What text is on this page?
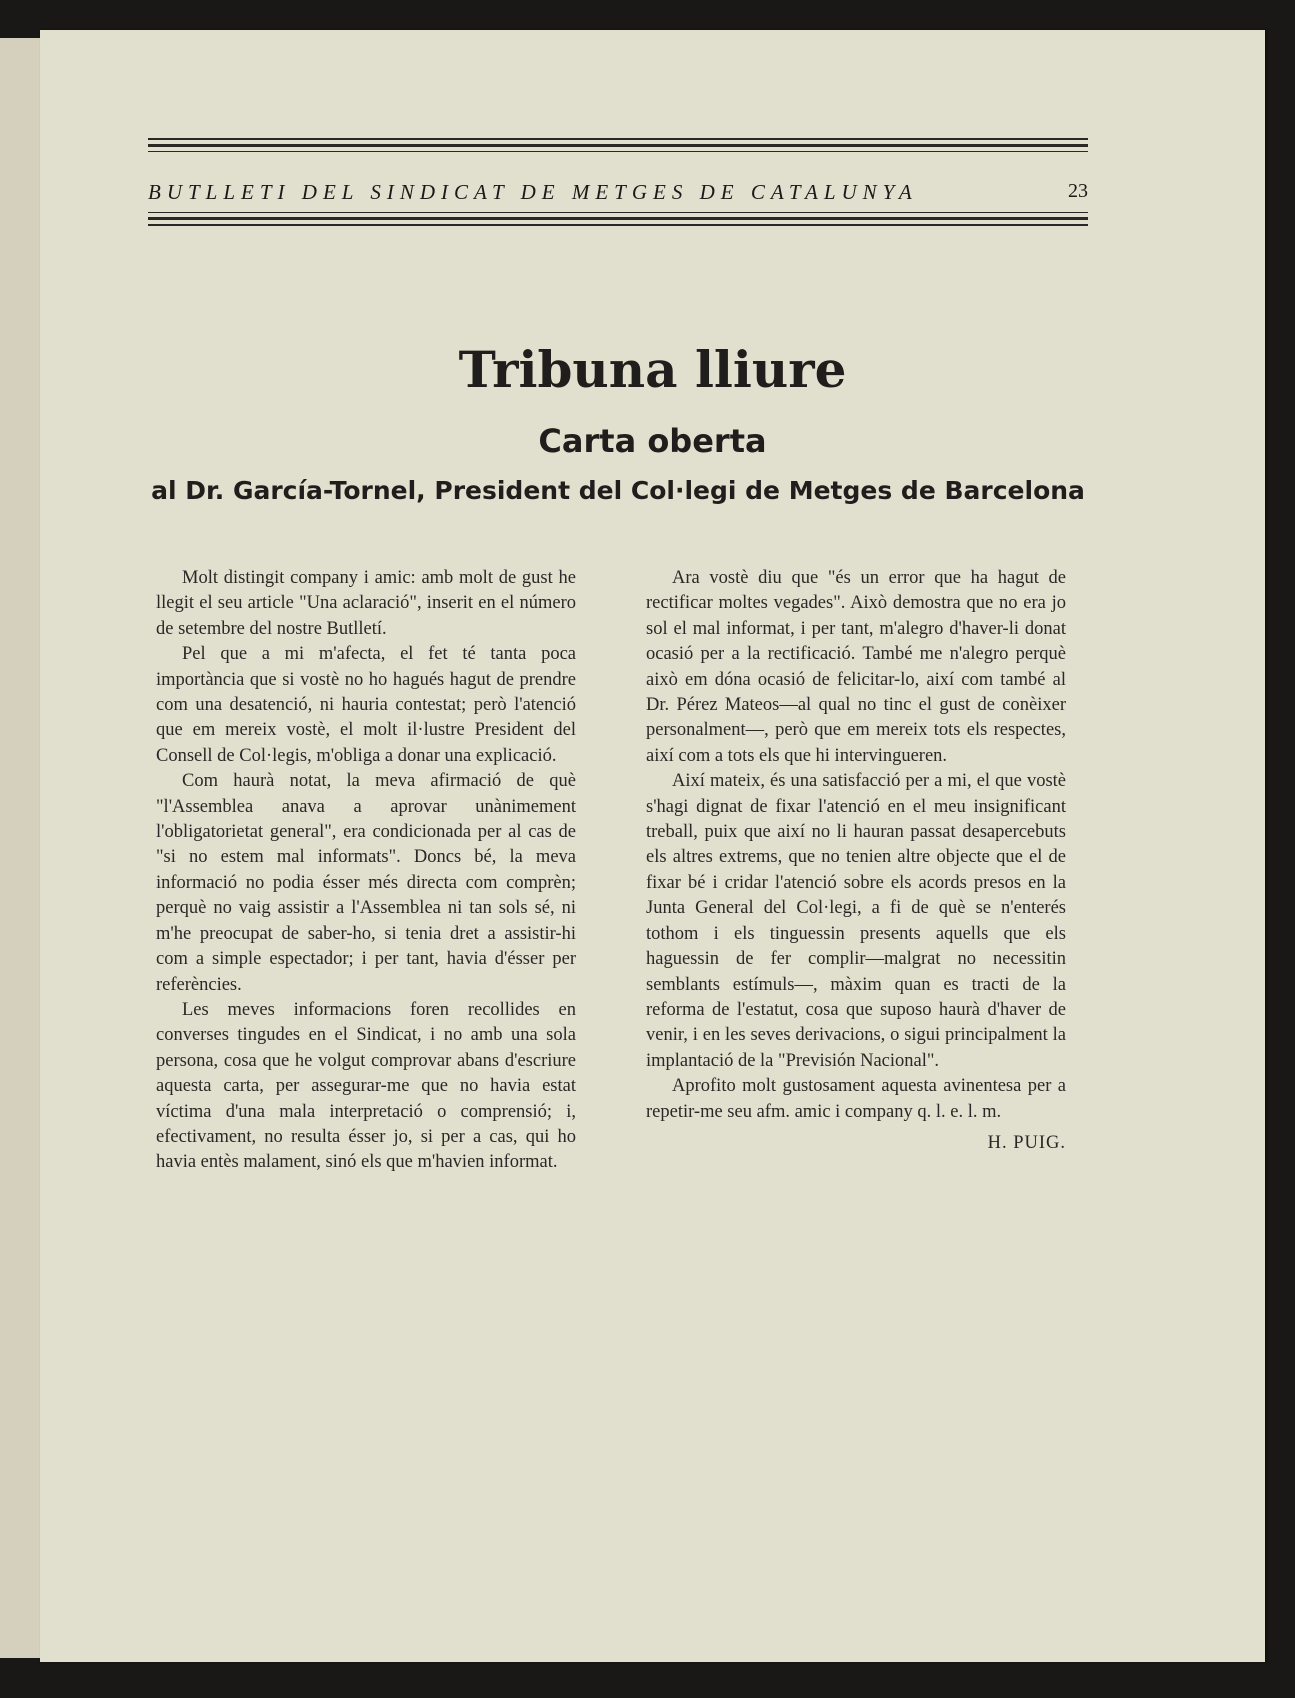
BUTLLETI DEL SINDICAT DE METGES DE CATALUNYA	23
Tribuna lliure
Carta oberta
al Dr. García-Tornel, President del Col·legi de Metges de Barcelona

Molt distingit company i amic: amb molt de gust he llegit el seu article "Una aclaració", inserit en el número de setembre del nostre Butlletí.

Pel que a mi m'afecta, el fet té tanta poca importància que si vostè no ho hagués hagut de prendre com una desatenció, ni hauria contestat; però l'atenció que em mereix vostè, el molt il·lustre President del Consell de Col·legis, m'obliga a donar una explicació.

Com haurà notat, la meva afirmació de què "l'Assemblea anava a aprovar unànimement l'obligatorietat general", era condicionada per al cas de "si no estem mal informats". Doncs bé, la meva informació no podia ésser més directa com comprèn; perquè no vaig assistir a l'Assemblea ni tan sols sé, ni m'he preocupat de saber-ho, si tenia dret a assistir-hi com a simple espectador; i per tant, havia d'ésser per referències.

Les meves informacions foren recollides en converses tingudes en el Sindicat, i no amb una sola persona, cosa que he volgut comprovar abans d'escriure aquesta carta, per assegurar-me que no havia estat víctima d'una mala interpretació o comprensió; i, efectivament, no resulta ésser jo, si per a cas, qui ho havia entès malament, sinó els que m'havien informat.

Ara vostè diu que "és un error que ha hagut de rectificar moltes vegades". Això demostra que no era jo sol el mal informat, i per tant, m'alegro d'haver-li donat ocasió per a la rectificació. També me n'alegro perquè això em dóna ocasió de felicitar-lo, així com també al Dr. Pérez Mateos—al qual no tinc el gust de conèixer personalment—, però que em mereix tots els respectes, així com a tots els que hi intervingueren.

Així mateix, és una satisfacció per a mi, el que vostè s'hagi dignat de fixar l'atenció en el meu insignificant treball, puix que així no li hauran passat desapercebuts els altres extrems, que no tenien altre objecte que el de fixar bé i cridar l'atenció sobre els acords presos en la Junta General del Col·legi, a fi de què se n'enterés tothom i els tinguessin presents aquells que els haguessin de fer complir—malgrat no necessitin semblants estímuls—, màxim quan es tracti de la reforma de l'estatut, cosa que suposo haurà d'haver de venir, i en les seves derivacions, o sigui principalment la implantació de la "Previsión Nacional".

Aprofito molt gustosament aquesta avinentesa per a repetir-me seu afm. amic i company q. l. e. l. m.

H. PUIG.
